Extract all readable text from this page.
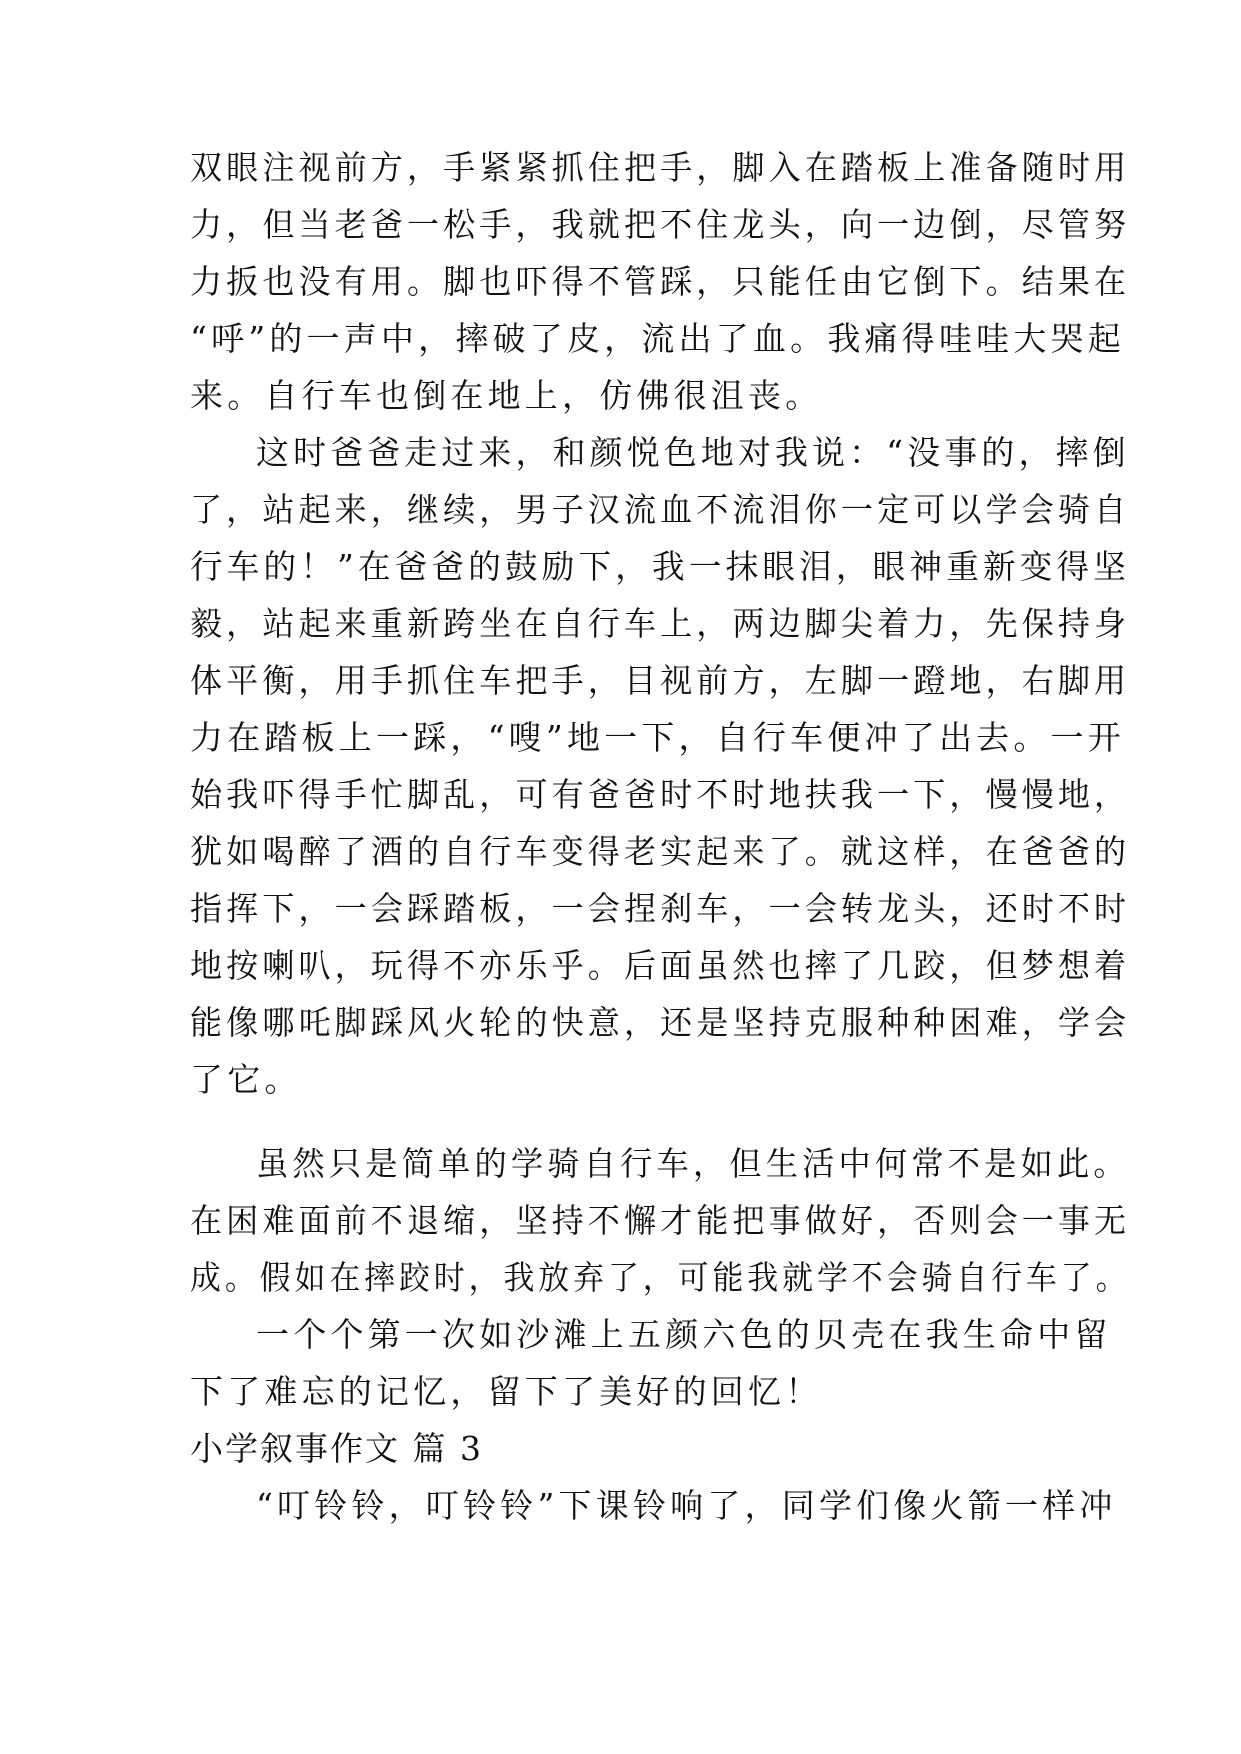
双眼注视前方，手紧紧抓住把手，脚入在踏板上准备随时用
力，但当老爸一松手，我就把不住龙头，向一边倒，尽管努
力扳也没有用。脚也吓得不管踩，只能任由它倒下。结果在
“呼”的一声中，摔破了皮，流出了血。我痛得哇哇大哭起
来。自行车也倒在地上，仿佛很沮丧。
这时爸爸走过来，和颜悦色地对我说：“没事的，摔倒
了，站起来，继续，男子汉流血不流泪你一定可以学会骑自
行车的！”在爸爸的鼓励下，我一抹眼泪，眼神重新变得坚
毅，站起来重新跨坐在自行车上，两边脚尖着力，先保持身
体平衡，用手抓住车把手，目视前方，左脚一蹬地，右脚用
力在踏板上一踩，“嗖”地一下，自行车便冲了出去。一开
始我吓得手忙脚乱，可有爸爸时不时地扶我一下，慢慢地，
犹如喝醉了酒的自行车变得老实起来了。就这样，在爸爸的
指挥下，一会踩踏板，一会捏刹车，一会转龙头，还时不时
地按喇叭，玩得不亦乐乎。后面虽然也摔了几跤，但梦想着
能像哪吒脚踩风火轮的快意，还是坚持克服种种困难，学会
了它。
虽然只是简单的学骑自行车，但生活中何常不是如此。
在困难面前不退缩，坚持不懈才能把事做好，否则会一事无
成。假如在摔跤时，我放弃了，可能我就学不会骑自行车了。
一个个第一次如沙滩上五颜六色的贝壳在我生命中留
下了难忘的记忆，留下了美好的回忆！
小学叙事作文 篇 3
“叮铃铃，叮铃铃”下课铃响了，同学们像火箭一样冲
